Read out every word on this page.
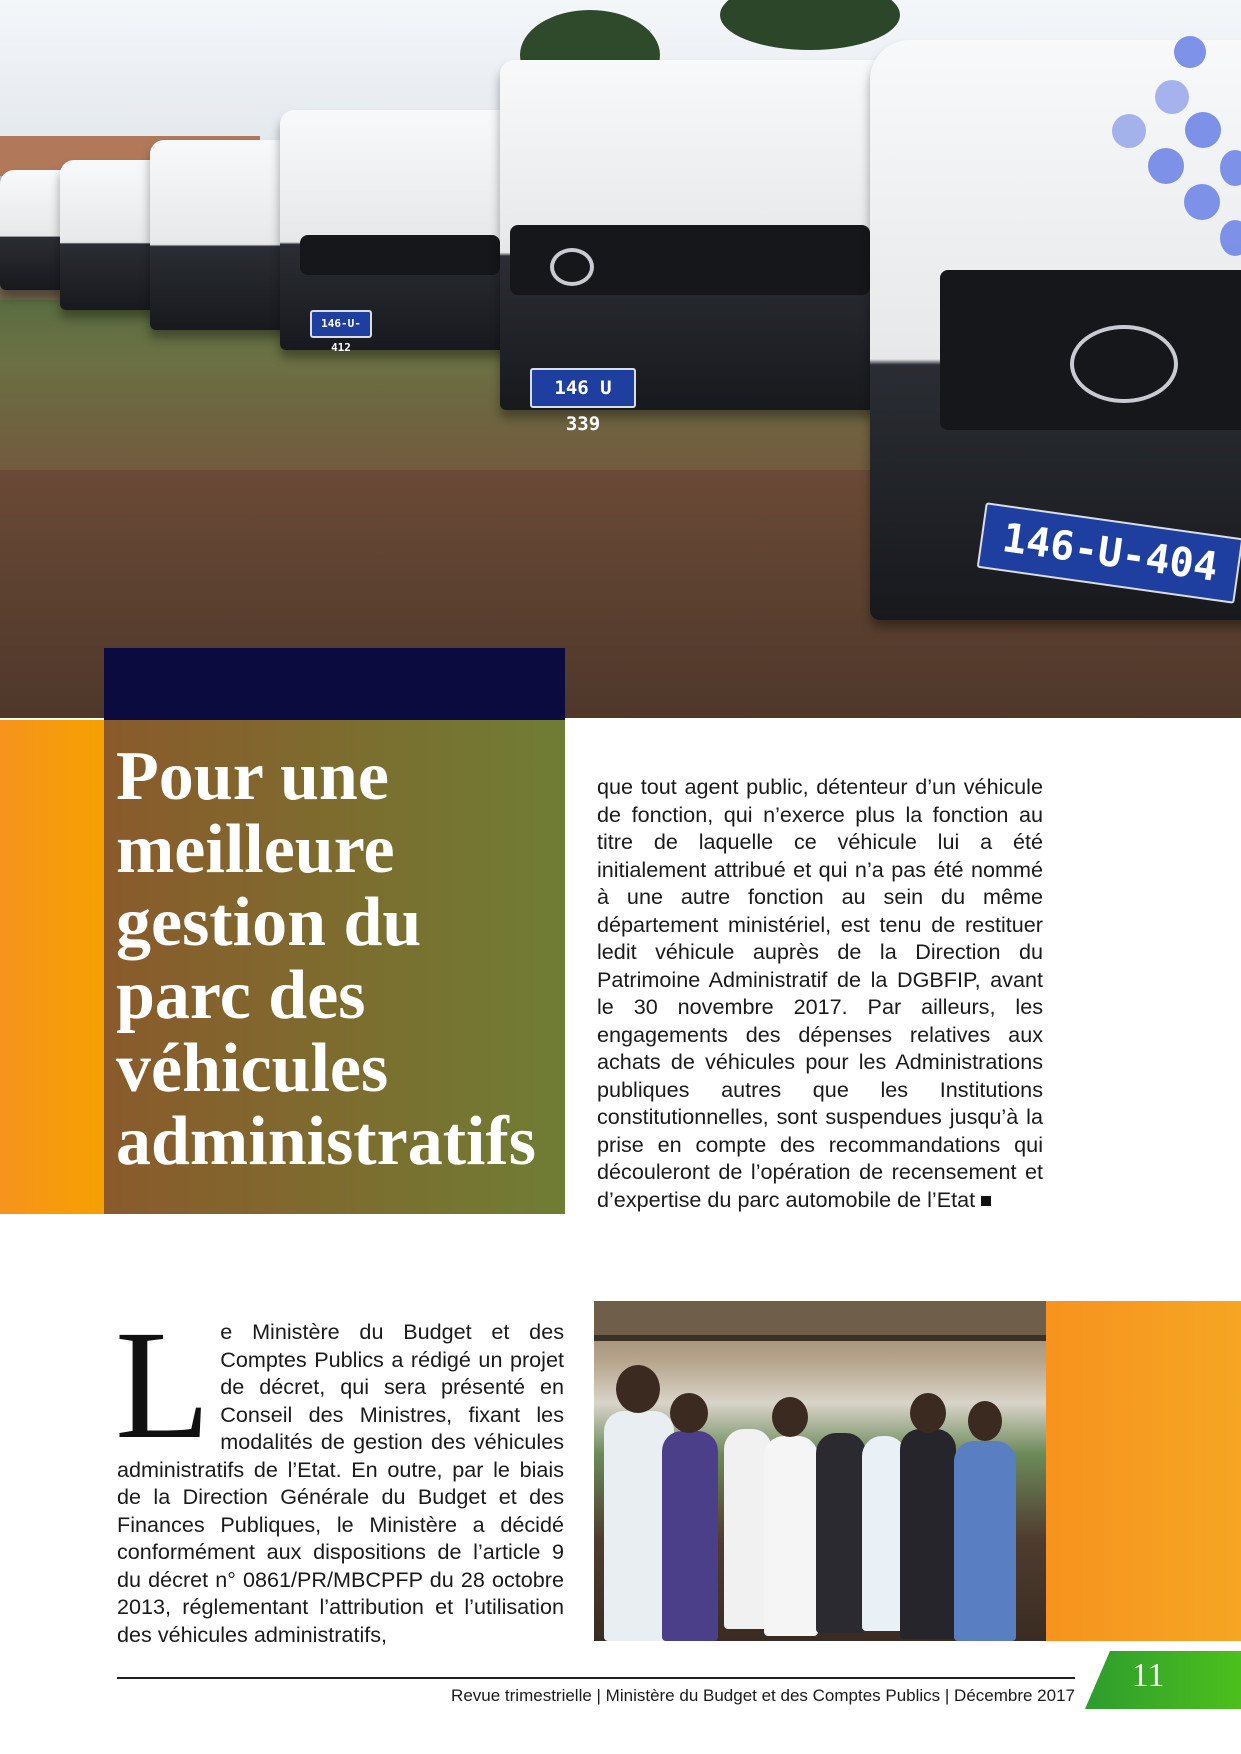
146-U-412
146 U 339
146-U-404
Pour une
meilleure
gestion du
parc des
véhicules
administratifs
que tout agent public, détenteur d’un véhicule de fonction, qui n’exerce plus la fonction au titre de laquelle ce véhicule lui a été initialement attribué et qui n’a pas été nommé à une autre fonction au sein du même département ministériel, est tenu de restituer ledit véhicule auprès de la Direction du Patrimoine Administratif de la DGBFIP, avant le 30 novembre 2017. Par ailleurs, les engagements des dépenses relatives aux achats de véhicules pour les Administrations publiques autres que les Institutions constitutionnelles, sont suspendues jusqu’à la prise en compte des recommandations qui découleront de l’opération de recensement et d’expertise du parc automobile de l’Etat
L e Ministère du Budget et des Comptes Publics a rédigé un projet de décret, qui sera présenté en Conseil des Ministres, fixant les modalités de gestion des véhicules administratifs de l’Etat. En outre, par le biais de la Direction Générale du Budget et des Finances Publiques, le Ministère a décidé conformément aux dispositions de l’article 9 du décret n° 0861/PR/MBCPFP du 28 octobre 2013, réglementant l’attribution et l’utilisation des véhicules administratifs,
Revue trimestrielle | Ministère du Budget et des Comptes Publics | Décembre 2017
11
